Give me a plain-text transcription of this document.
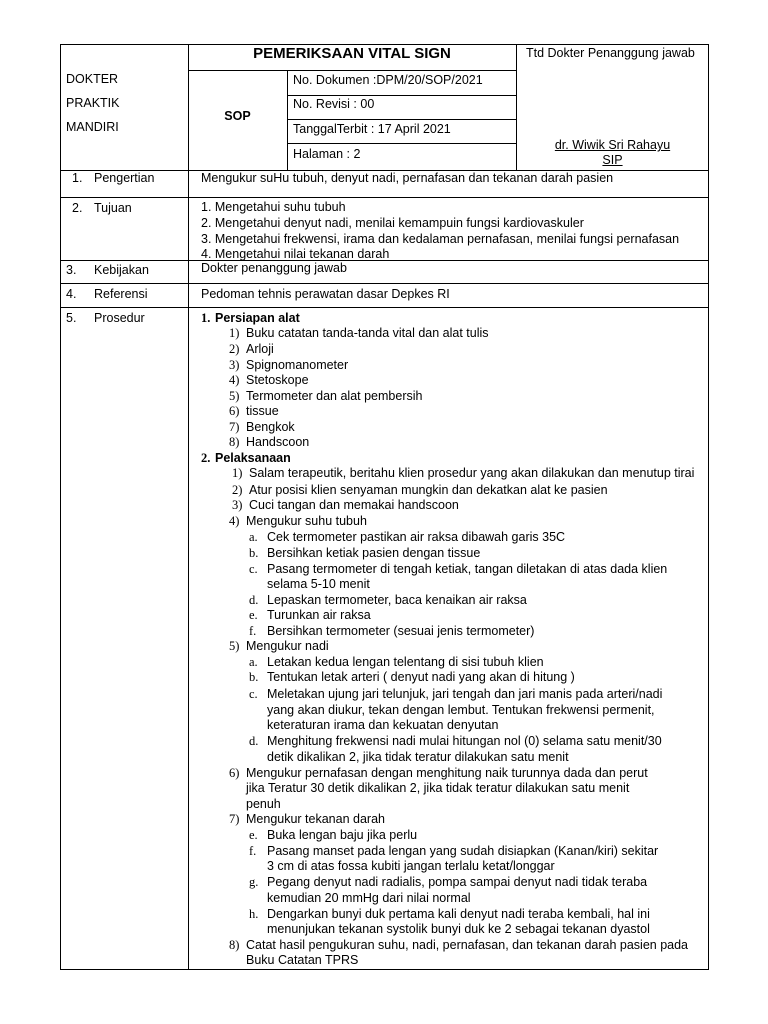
DOKTER
PRAKTIK
MANDIRI
PEMERIKSAAN VITAL SIGN
SOP
No. Dokumen :DPM/20/SOP/2021
No. Revisi : 00
TanggalTerbit : 17 April 2021
Halaman : 2
Ttd Dokter Penanggung jawab
dr. Wiwik Sri Rahayu
SIP
1. Pengertian	Mengukur suHu tubuh, denyut nadi, pernafasan dan tekanan darah pasien
2. Tujuan	1. Mengetahui suhu tubuh
2. Mengetahui denyut nadi, menilai kemampuin fungsi kardiovaskuler
3. Mengetahui frekwensi, irama dan kedalaman pernafasan, menilai fungsi pernafasan
4. Mengetahui nilai tekanan darah
3. Kebijakan	Dokter penanggung jawab
4. Referensi	Pedoman tehnis perawatan dasar Depkes RI
5. Prosedur	1. Persiapan alat
1) Buku catatan tanda-tanda vital dan alat tulis
2) Arloji
3) Spignomanometer
4) Stetoskope
5) Termometer dan alat pembersih
6) tissue
7) Bengkok
8) Handscoon
2. Pelaksanaan
1) Salam terapeutik, beritahu klien prosedur yang akan dilakukan dan menutup tirai
2) Atur posisi klien senyaman mungkin dan dekatkan alat ke pasien
3) Cuci tangan dan memakai handscoon
4) Mengukur suhu tubuh
a. Cek termometer pastikan air raksa dibawah garis 35C
b. Bersihkan ketiak pasien dengan tissue
c. Pasang termometer di tengah ketiak, tangan diletakan di atas dada klien
selama 5-10 menit
d. Lepaskan termometer, baca kenaikan air raksa
e. Turunkan air raksa
f. Bersihkan termometer (sesuai jenis termometer)
5) Mengukur nadi
a. Letakan kedua lengan telentang di sisi tubuh klien
b. Tentukan letak arteri ( denyut nadi yang akan di hitung )
c. Meletakan ujung jari telunjuk, jari tengah dan jari manis pada arteri/nadi
yang akan diukur, tekan dengan lembut. Tentukan frekwensi permenit,
keteraturan irama dan kekuatan denyutan
d. Menghitung frekwensi nadi mulai hitungan nol (0) selama satu menit/30
detik dikalikan 2, jika tidak teratur dilakukan satu menit
6) Mengukur pernafasan dengan menghitung naik turunnya dada dan perut
jika Teratur 30 detik dikalikan 2, jika tidak teratur dilakukan satu menit
penuh
7) Mengukur tekanan darah
e. Buka lengan baju jika perlu
f. Pasang manset pada lengan yang sudah disiapkan (Kanan/kiri) sekitar
3 cm di atas fossa kubiti jangan terlalu ketat/longgar
g. Pegang denyut nadi radialis, pompa sampai denyut nadi tidak teraba
kemudian 20 mmHg dari nilai normal
h. Dengarkan bunyi duk pertama kali denyut nadi teraba kembali, hal ini
menunjukan tekanan systolik bunyi duk ke 2 sebagai tekanan dyastol
8) Catat hasil pengukuran suhu, nadi, pernafasan, dan tekanan darah pasien pada
Buku Catatan TPRS
